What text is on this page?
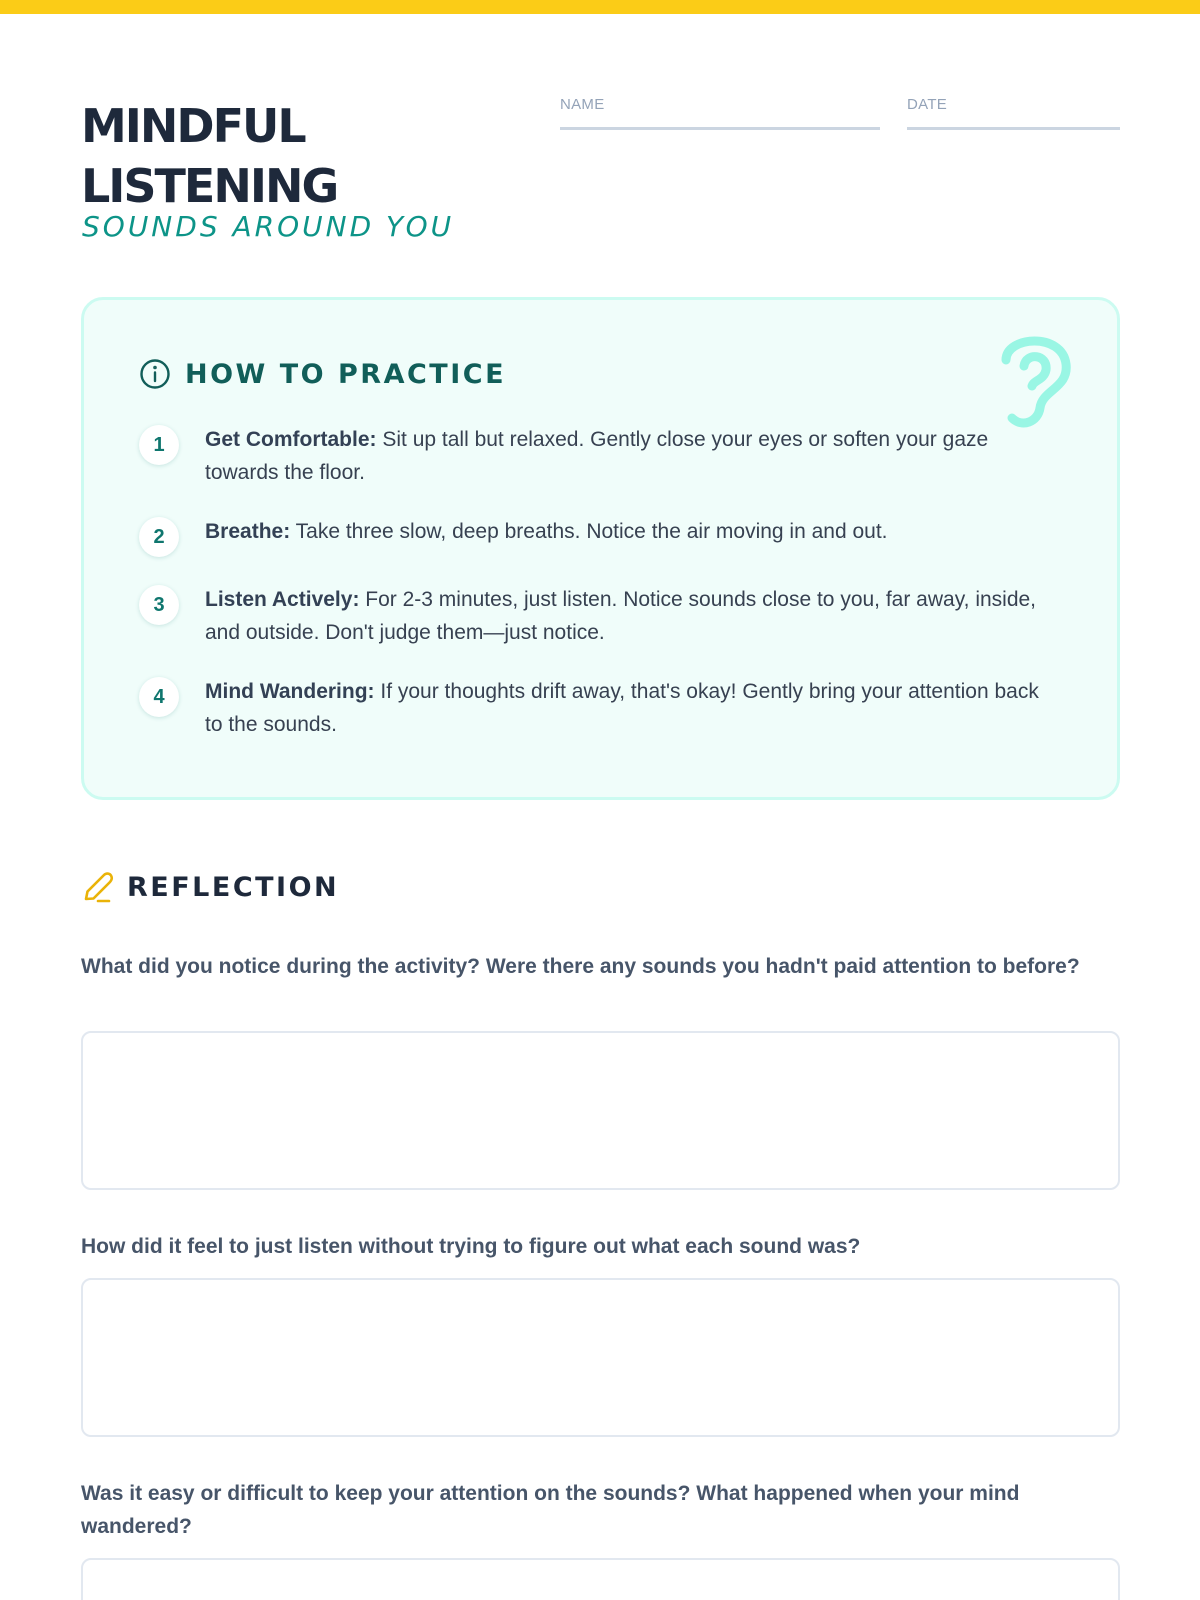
MINDFUL
LISTENING
SOUNDS AROUND YOU
NAME	DATE
HOW TO PRACTICE
1	Get Comfortable: Sit up tall but relaxed. Gently close your eyes or soften your gaze towards the floor.

2	Breathe: Take three slow, deep breaths. Notice the air moving in and out.

3	Listen Actively: For 2-3 minutes, just listen. Notice sounds close to you, far away, inside, and outside. Don't judge them—just notice.

4	Mind Wandering: If your thoughts drift away, that's okay! Gently bring your attention back to the sounds.

REFLECTION

What did you notice during the activity? Were there any sounds you hadn't paid attention to before?

How did it feel to just listen without trying to figure out what each sound was?

Was it easy or difficult to keep your attention on the sounds? What happened when your mind wandered?
